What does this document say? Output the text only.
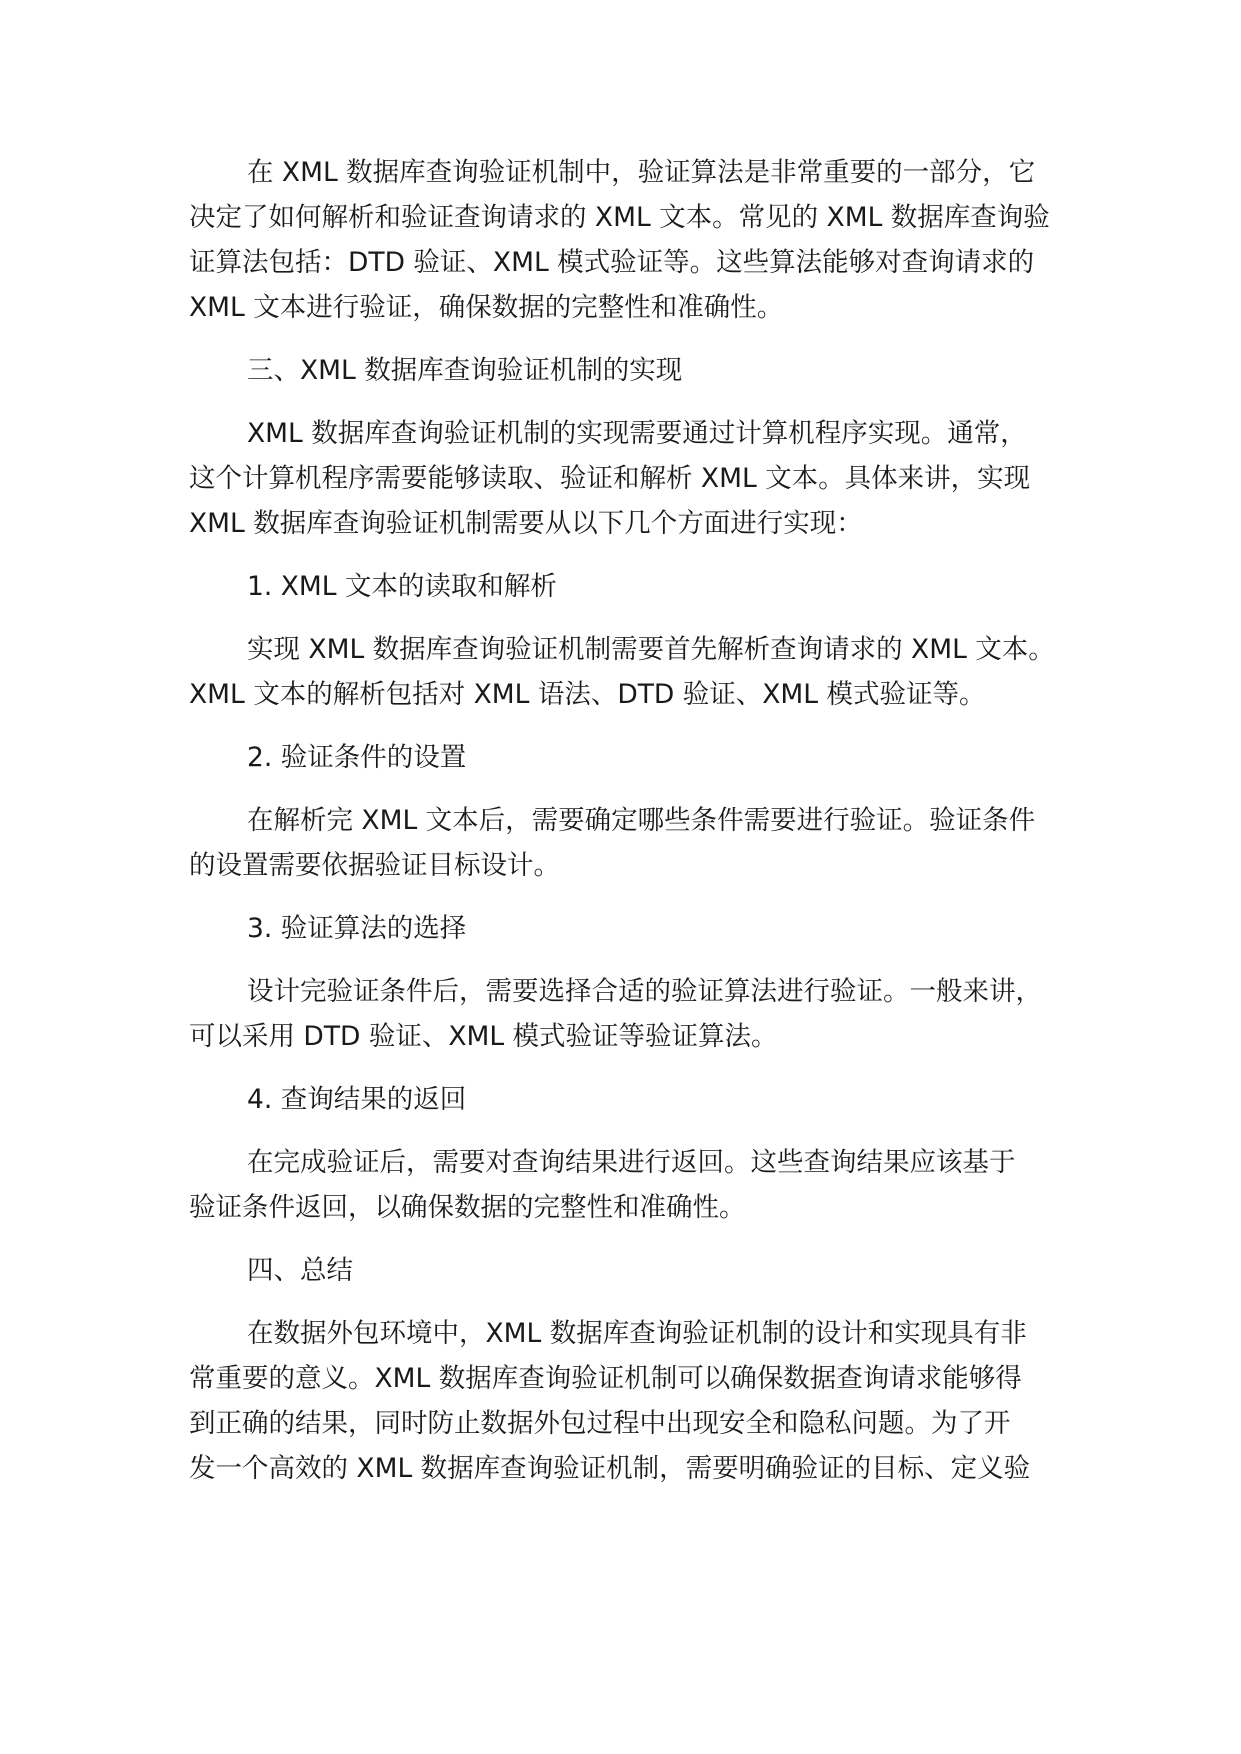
在 XML 数据库查询验证机制中，验证算法是非常重要的一部分，它
决定了如何解析和验证查询请求的 XML 文本。常见的 XML 数据库查询验
证算法包括：DTD 验证、XML 模式验证等。这些算法能够对查询请求的
XML 文本进行验证，确保数据的完整性和准确性。
三、XML 数据库查询验证机制的实现
XML 数据库查询验证机制的实现需要通过计算机程序实现。通常，
这个计算机程序需要能够读取、验证和解析 XML 文本。具体来讲，实现
XML 数据库查询验证机制需要从以下几个方面进行实现：
1. XML 文本的读取和解析
实现 XML 数据库查询验证机制需要首先解析查询请求的 XML 文本。
XML 文本的解析包括对 XML 语法、DTD 验证、XML 模式验证等。
2. 验证条件的设置
在解析完 XML 文本后，需要确定哪些条件需要进行验证。验证条件
的设置需要依据验证目标设计。
3. 验证算法的选择
设计完验证条件后，需要选择合适的验证算法进行验证。一般来讲，
可以采用 DTD 验证、XML 模式验证等验证算法。
4. 查询结果的返回
在完成验证后，需要对查询结果进行返回。这些查询结果应该基于
验证条件返回，以确保数据的完整性和准确性。
四、总结
在数据外包环境中，XML 数据库查询验证机制的设计和实现具有非
常重要的意义。XML 数据库查询验证机制可以确保数据查询请求能够得
到正确的结果，同时防止数据外包过程中出现安全和隐私问题。为了开
发一个高效的 XML 数据库查询验证机制，需要明确验证的目标、定义验
